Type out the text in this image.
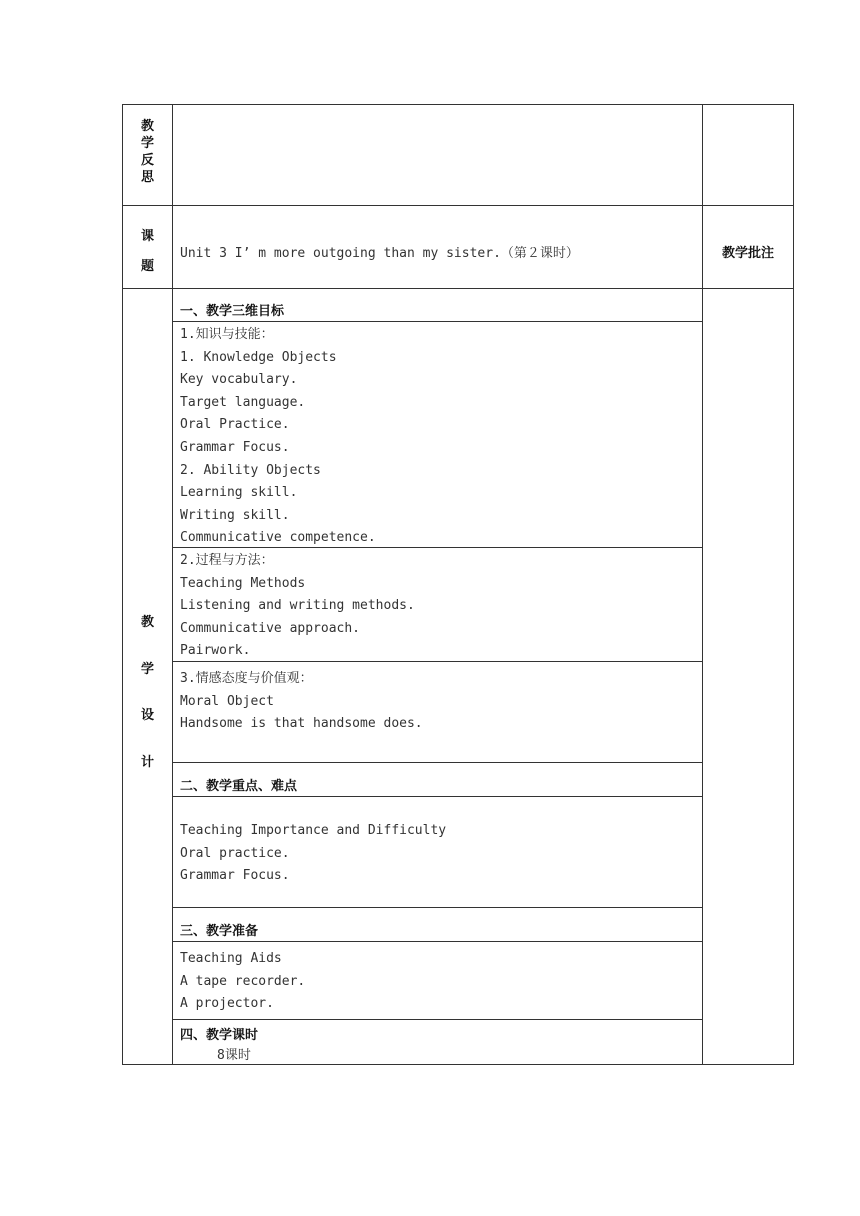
教
学
反
思
课
题
Unit 3 I’ m more outgoing than my sister.（第２课时）	教学批注
教
学
设
计
一、教学三维目标
1.知识与技能：
1. Knowledge Objects
Key vocabulary.
Target language.
Oral Practice.
Grammar Focus.
2. Ability Objects
Learning skill.
Writing skill.
Communicative competence.
2.过程与方法：
Teaching Methods
Listening and writing methods.
Communicative approach.
Pairwork.
3.情感态度与价值观：
Moral Object
Handsome is that handsome does.
二、教学重点、难点
Teaching Importance and Difficulty
Oral practice.
Grammar Focus.
三、教学准备
Teaching Aids
A tape recorder.
A projector.
四、教学课时
8课时
